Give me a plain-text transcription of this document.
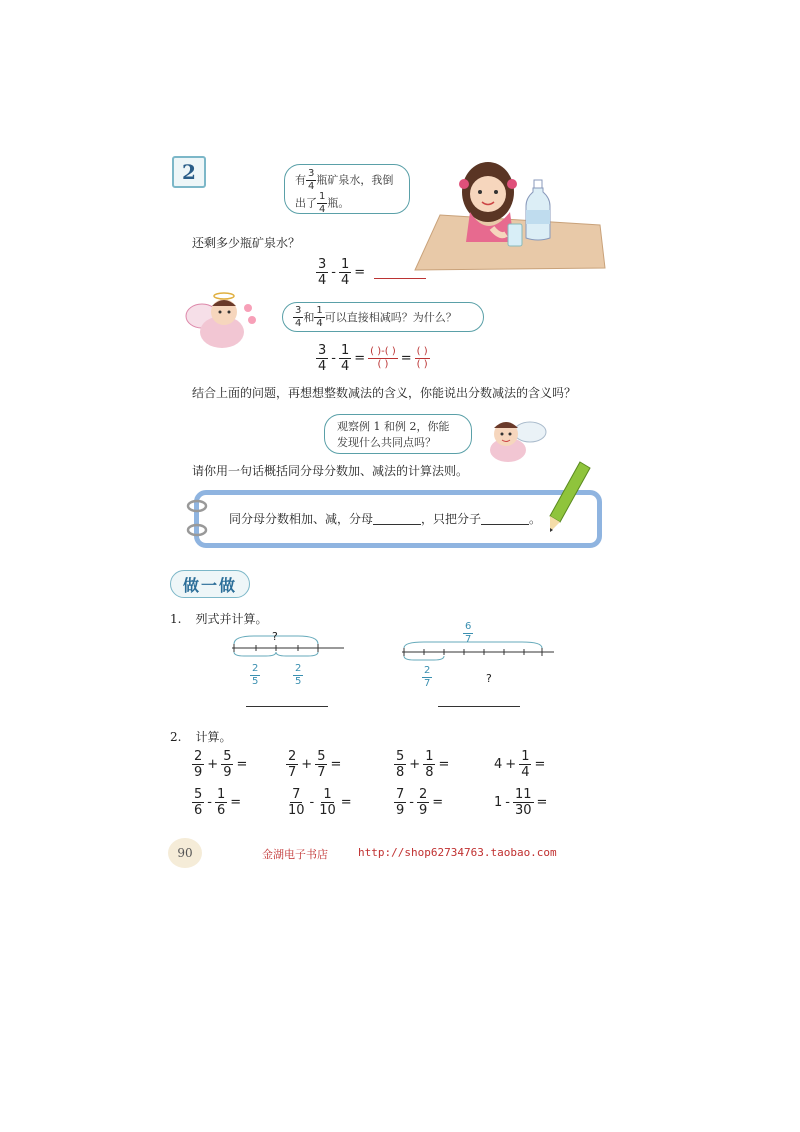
2	有 $\frac{3}{4}$ 瓶矿泉水，我倒
出了 $\frac{1}{4}$ 瓶。
还剩多少瓶矿泉水？
$\frac{3}{4} - \frac{1}{4}$ =
$\frac{3}{4}$ 和 $\frac{1}{4}$ 可以直接相减吗？为什么？
$\frac{3}{4} - \frac{1}{4} = \frac{( )-( )}{( )} = \frac{( )}{( )}$
结合上面的问题，再想想整数减法的含义，你能说出分数减法的含义吗？
观察例 1 和例 2，你能
发现什么共同点吗？
请你用一句话概括同分母分数加、减法的计算法则。
同分母分数相加、减，分母	，只把分子	。
做一做
1. 列式并计算。
?
$\frac{2}{5}$	$\frac{2}{5}$
$\frac{6}{7}$
$\frac{2}{7}$	?
2. 计算。
$\frac{2}{9} + \frac{5}{9}$ =	$\frac{2}{7} + \frac{5}{7}$ =	$\frac{5}{8} + \frac{1}{8}$ =	$4 + \frac{1}{4}$ =
$\frac{5}{6} - \frac{1}{6}$ =	$\frac{7}{10} - \frac{1}{10}$ =	$\frac{7}{9} - \frac{2}{9}$ =	$1 - \frac{11}{30}$ =
90	金湖电子书店	http://shop62734763.taobao.com
